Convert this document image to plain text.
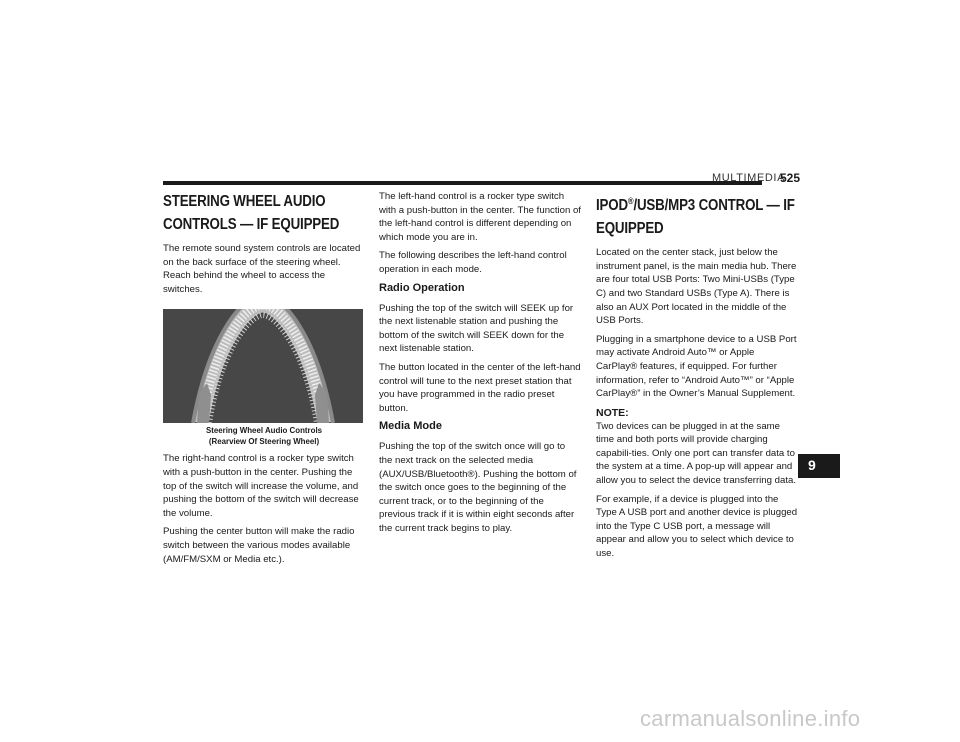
MULTIMEDIA
525
STEERING WHEEL AUDIO CONTROLS — IF EQUIPPED

The remote sound system controls are located on the back surface of the steering wheel. Reach behind the wheel to access the switches.

Steering Wheel Audio Controls
(Rearview Of Steering Wheel)

The right-hand control is a rocker type switch with a push-button in the center. Pushing the top of the switch will increase the volume, and pushing the bottom of the switch will decrease the volume.

Pushing the center button will make the radio switch between the various modes available (AM/FM/SXM or Media etc.).

The left-hand control is a rocker type switch with a push-button in the center. The function of the left-hand control is different depending on which mode you are in.

The following describes the left-hand control operation in each mode.

Radio Operation

Pushing the top of the switch will SEEK up for the next listenable station and pushing the bottom of the switch will SEEK down for the next listenable station.

The button located in the center of the left-hand control will tune to the next preset station that you have programmed in the radio preset button.

Media Mode

Pushing the top of the switch once will go to the next track on the selected media (AUX/USB/Bluetooth®). Pushing the bottom of the switch once goes to the beginning of the current track, or to the beginning of the previous track if it is within eight seconds after the current track begins to play.

IPOD®/USB/MP3 CONTROL — IF EQUIPPED

Located on the center stack, just below the instrument panel, is the main media hub. There are four total USB Ports: Two Mini-USBs (Type C) and two Standard USBs (Type A). There is also an AUX Port located in the middle of the USB Ports.

Plugging in a smartphone device to a USB Port may activate Android Auto™ or Apple CarPlay® features, if equipped. For further information, refer to “Android Auto™” or “Apple CarPlay®” in the Owner’s Manual Supplement.

NOTE:

Two devices can be plugged in at the same time and both ports will provide charging capabili-ties. Only one port can transfer data to the system at a time. A pop-up will appear and allow you to select the device transferring data.

For example, if a device is plugged into the Type A USB port and another device is plugged into the Type C USB port, a message will appear and allow you to select which device to use.

9
carmanualsonline.info
